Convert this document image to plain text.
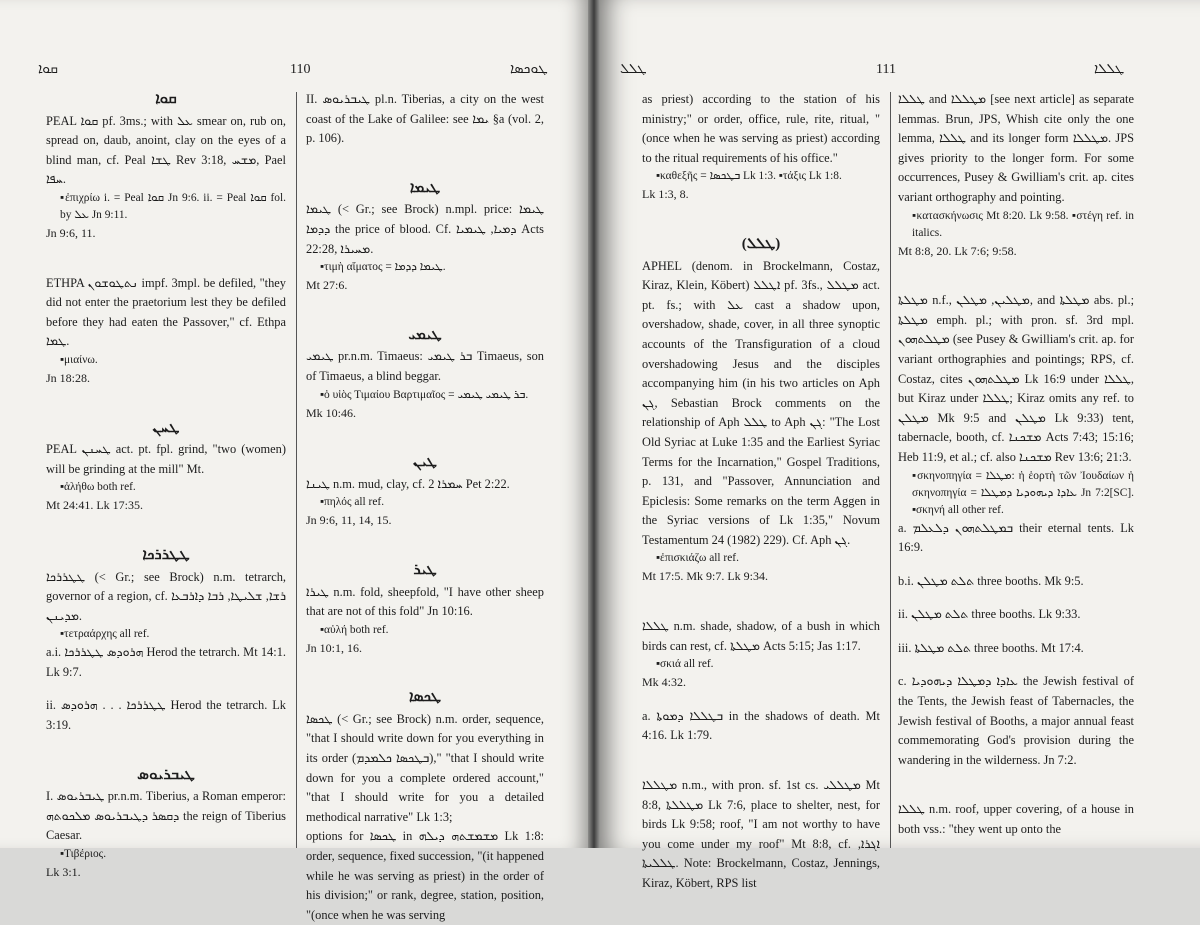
ܩܘܐ	110	ܛܘܟܣܐ

ܩܘܐ

PEAL ܩܘܐ pf. 3ms.; with ܥܠ smear on, rub on, spread on, daub, anoint, clay on the eyes of a blind man, cf. Peal ܛܫܐ Rev 3:18, ܡܫܚ, Pael ܚܦܐ.

▪ἐπιχρίω i. = Peal ܩܘܐ Jn 9:6. ii. = Peal ܩܘܐ fol. by ܥܠ Jn 9:11.

Jn 9:6, 11.

ETHPA ܢܬܛܘܫܘܢ impf. 3mpl. be defiled, "they did not enter the praetorium lest they be defiled before they had eaten the Passover," cf. Ethpa ܛܡܐ.

▪μιαίνω.

Jn 18:28.

ܛܚܢ

PEAL ܛܚܢܢ act. pt. fpl. grind, "two (women) will be grinding at the mill" Mt.

▪ἀλήθω both ref.

Mt 24:41. Lk 17:35.

ܛܛܪܪܟܐ

ܛܛܪܪܟܐ (< Gr.; see Brock) n.m. tetrarch, governor of a region, cf. ܪܫܐ, ܫܠܝܛܐ, ܪܒܐ ܕܐܪܒܥܐ ܡܕܝܢܢ.

▪τετραάρχης all ref.

a.i. ܗܪܘܕܣ ܛܛܪܪܟܐ Herod the tetrarch. Mt 14:1. Lk 9:7.

ii. ܛܛܪܪܟܐ . . . ܗܪܘܕܣ Herod the tetrarch. Lk 3:19.

ܛܝܒܪܝܘܣ

I. ܛܝܒܪܝܘܣ pr.n.m. Tiberius, a Roman emperor: ܕܩܣܪ ܕܛܝܒܪܝܘܣ ܡܠܟܘܬܗ the reign of Tiberius Caesar.

▪Τιβέριος.

Lk 3:1.

II. ܛܝܒܪܝܘܣ pl.n. Tiberias, a city on the west coast of the Lake of Galilee: see ܝܡܐ §a (vol. 2, p. 106).

ܛܝܡܐ

ܛܝܡܐ (< Gr.; see Brock) n.mpl. price: ܛܝܡܐ ܕܕܡܐ the price of blood. Cf. ܕܡܝܐ, ܛܝܡܝܐ Acts 22:28, ܡܚܝܪܐ.

▪τιμὴ αἵματος = ܛܝܡܐ ܕܕܡܐ.

Mt 27:6.

ܛܝܡܝ

ܛܝܡܝ pr.n.m. Timaeus: ܒܪ ܛܝܡܝ Timaeus, son of Timaeus, a blind beggar.

▪ὁ υἱὸς Τιμαίου Βαρτιμαῖος = ܒܪ ܛܝܡܝ ܛܝܡܝ.

Mk 10:46.

ܛܝܢ

ܛܝܢܐ n.m. mud, clay, cf. ܚܡܪܐ 2 Pet 2:22.

▪πηλός all ref.

Jn 9:6, 11, 14, 15.

ܛܝܪ

ܛܝܪܐ n.m. fold, sheepfold, "I have other sheep that are not of this fold" Jn 10:16.

▪αὐλή both ref.

Jn 10:1, 16.

ܛܟܣܐ

ܛܟܣܐ (< Gr.; see Brock) n.m. order, sequence, "that I should write down for you everything in its order (ܒܛܟܣܐ ܟܠܡܕܡ)," "that I should write down for you a complete ordered account," "that I should write for you a detailed methodical narrative" Lk 1:3;

options for ܛܟܣܐ in ܡܫܡܫܬܗ ܕܝܠܗ Lk 1:8: order, sequence, fixed succession, "(it happened while he was serving as priest) in the order of his division;" or rank, degree, station, position, "(once when he was serving

ܛܠܠ	111	ܛܠܠܐ

as priest) according to the station of his ministry;" or order, office, rule, rite, ritual, "(once when he was serving as priest) according to the ritual requirements of his office."

▪καθεξῆς = ܒܛܟܣܐ Lk 1:3. ▪τάξις Lk 1:8.

Lk 1:3, 8.

(ܛܠܠ)

APHEL (denom. in Brockelmann, Costaz, Kiraz, Klein, Köbert) ܐܛܠܠ pf. 3fs., ܡܛܠܠ act. pt. fs.; with ܥܠ cast a shadow upon, overshadow, shade, cover, in all three synoptic accounts of the Transfiguration of a cloud overshadowing Jesus and the disciples accompanying him (in his two articles on Aph ܓܢ, Sebastian Brock comments on the relationship of Aph ܛܠܠ to Aph ܓܢ: "The Lost Old Syriac at Luke 1:35 and the Earliest Syriac Terms for the Incarnation," Gospel Traditions, p. 131, and "Passover, Annunciation and Epiclesis: Some remarks on the term Aggen in the Syriac versions of Lk 1:35," Novum Testamentum 24 (1982) 229). Cf. Aph ܓܢ.

▪ἐπισκιάζω all ref.

Mt 17:5. Mk 9:7. Lk 9:34.

ܛܠܠܐ n.m. shade, shadow, of a bush in which birds can rest, cf. ܡܛܠܬܐ Acts 5:15; Jas 1:17.

▪σκιά all ref.

Mk 4:32.

a. ܒܛܠܠܐ ܕܡܘܬܐ in the shadows of death. Mt 4:16. Lk 1:79.

ܡܛܠܠܐ n.m., with pron. sf. 1st cs. ܡܛܠܠܝ Mt 8:8, ܡܛܠܠܬܐ Lk 7:6, place to shelter, nest, for birds Lk 9:58; roof, "I am not worthy to have you come under my roof" Mt 8:8, cf. ܐܓܪܐ, ܛܠܠܝܬܐ. Note: Brockelmann, Costaz, Jennings, Kiraz, Köbert, RPS list

ܛܠܠܐ and ܡܛܠܠܐ [see next article] as separate lemmas. Brun, JPS, Whish cite only the one lemma, ܛܠܠܐ and its longer form ܡܛܠܠܐ. JPS gives priority to the longer form. For some occurrences, Pusey & Gwilliam's crit. ap. cites variant orthography and pointing.

▪κατασκήνωσις Mt 8:20. Lk 9:58. ▪στέγη ref. in italics.

Mt 8:8, 20. Lk 7:6; 9:58.

ܡܛܠܬܐ n.f., ܡܛܠܝܢ, ܡܛܠܢ, and ܡܛܠܬܐ abs. pl.; ܡܛܠܬܐ emph. pl.; with pron. sf. 3rd mpl. ܡܛܠܬܗܘܢ (see Pusey & Gwilliam's crit. ap. for variant orthographies and pointings; RPS, cf. Costaz, cites ܡܛܠܬܗܘܢ Lk 16:9 under ܛܠܠܐ, but Kiraz under ܛܠܠܐ; Kiraz omits any ref. to ܡܛܠܢ Mk 9:5 and ܡܛܠܢ Lk 9:33) tent, tabernacle, booth, cf. ܡܫܟܢܐ Acts 7:43; 15:16; Heb 11:9, et al.; cf. also ܡܫܟܢܐ Rev 13:6; 21:3.

▪σκηνοπηγία = ܡܛܠܐ: ἡ ἑορτὴ τῶν Ἰουδαίων ἡ σκηνοπηγία = ܥܐܕܐ ܕܝܗܘܕܝܐ ܕܡܛܠܐ Jn 7:2[SC]. ▪σκηνή all other ref.

a. ܒܡܛܠܬܗܘܢ ܕܠܥܠܡ their eternal tents. Lk 16:9.

b.i. ܬܠܬ ܡܛܠܢ three booths. Mk 9:5.

ii. ܬܠܬ ܡܛܠܢ three booths. Lk 9:33.

iii. ܬܠܬ ܡܛܠܬܐ three booths. Mt 17:4.

c. ܥܐܕܐ ܕܡܛܠܐ ܕܝܗܘܕܝܐ the Jewish festival of the Tents, the Jewish feast of Tabernacles, the Jewish festival of Booths, a major annual feast commemorating God's provision during the wandering in the wilderness. Jn 7:2.

ܛܠܠܐ n.m. roof, upper covering, of a house in both vss.: "they went up onto the
